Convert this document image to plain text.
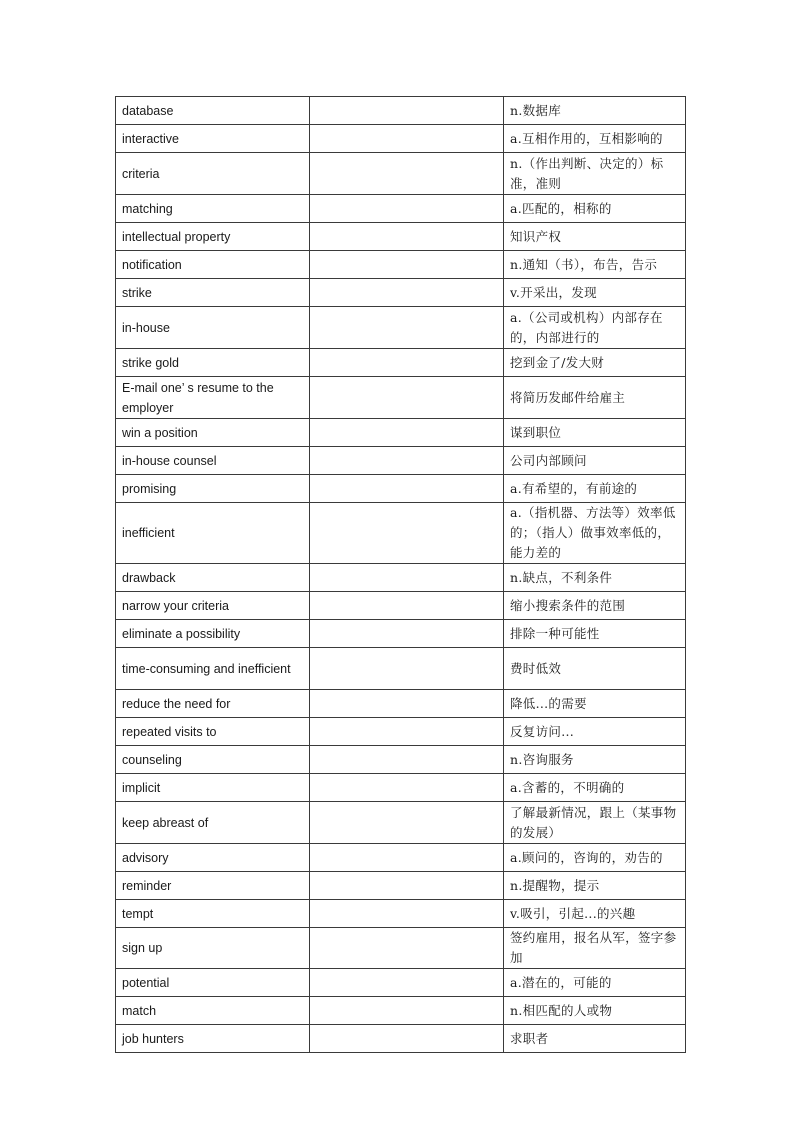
database		n.数据库
interactive		a.互相作用的，互相影响的
criteria		n.（作出判断、决定的）标准，准则
matching		a.匹配的，相称的
intellectual property		知识产权
notification		n.通知（书），布告，告示
strike		v.开采出，发现
in-house		a.（公司或机构）内部存在的，内部进行的
strike gold		挖到金了/发大财
E-mail one’ s resume to the employer		将简历发邮件给雇主
win a position		谋到职位
in-house counsel		公司内部顾问
promising		a.有希望的，有前途的
inefficient		a.（指机器、方法等）效率低的；（指人）做事效率低的，能力差的
drawback		n.缺点，不利条件
narrow your criteria		缩小搜索条件的范围
eliminate a possibility		排除一种可能性
time-consuming and inefficient		费时低效
reduce the need for		降低...的需要
repeated visits to		反复访问...
counseling		n.咨询服务
implicit		a.含蓄的，不明确的
keep abreast of		了解最新情况，跟上（某事物的发展）
advisory		a.顾问的，咨询的，劝告的
reminder		n.提醒物，提示
tempt		v.吸引，引起...的兴趣
sign up		签约雇用，报名从军，签字参加
potential		a.潜在的，可能的
match		n.相匹配的人或物
job hunters		求职者
